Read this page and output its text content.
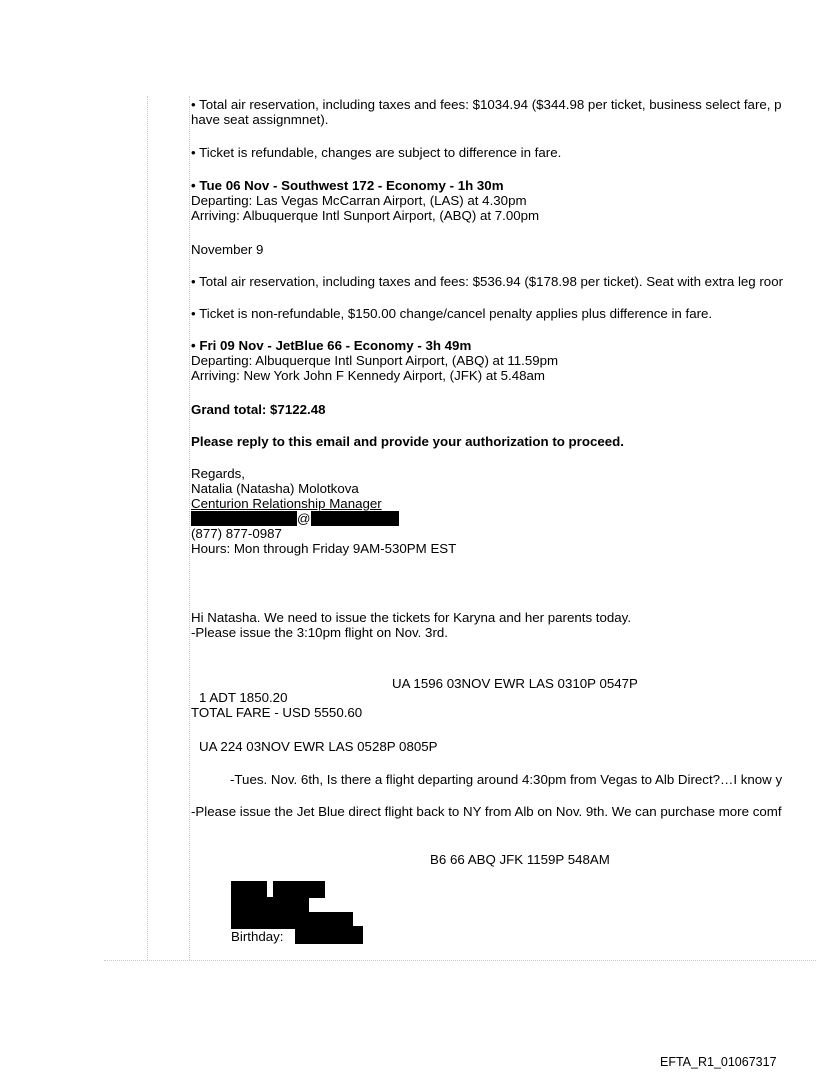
• Total air reservation, including taxes and fees: $1034.94 ($344.98 per ticket, business select fare, p
have seat assignmnet).
• Ticket is refundable, changes are subject to difference in fare.
• Tue 06 Nov - Southwest 172 - Economy - 1h 30m
Departing: Las Vegas McCarran Airport, (LAS) at 4.30pm
Arriving: Albuquerque Intl Sunport Airport, (ABQ) at 7.00pm
November 9
• Total air reservation, including taxes and fees: $536.94 ($178.98 per ticket). Seat with extra leg roor
• Ticket is non-refundable, $150.00 change/cancel penalty applies plus difference in fare.
• Fri 09 Nov - JetBlue 66 - Economy - 3h 49m
Departing: Albuquerque Intl Sunport Airport, (ABQ) at 11.59pm
Arriving: New York John F Kennedy Airport, (JFK) at 5.48am
Grand total: $7122.48
Please reply to this email and provide your authorization to proceed.
Regards,
Natalia (Natasha) Molotkova
Centurion Relationship Manager
@
(877) 877-0987
Hours: Mon through Friday 9AM-530PM EST
Hi Natasha. We need to issue the tickets for Karyna and her parents today.
-Please issue the 3:10pm flight on Nov. 3rd.
UA 1596 03NOV EWR LAS 0310P 0547P
1 ADT 1850.20
TOTAL FARE - USD 5550.60
UA 224 03NOV EWR LAS 0528P 0805P
-Tues. Nov. 6th, Is there a flight departing around 4:30pm from Vegas to Alb Direct?…I know y
-Please issue the Jet Blue direct flight back to NY from Alb on Nov. 9th. We can purchase more comf
B6 66 ABQ JFK 1159P 548AM
Birthday:
EFTA_R1_01067317
